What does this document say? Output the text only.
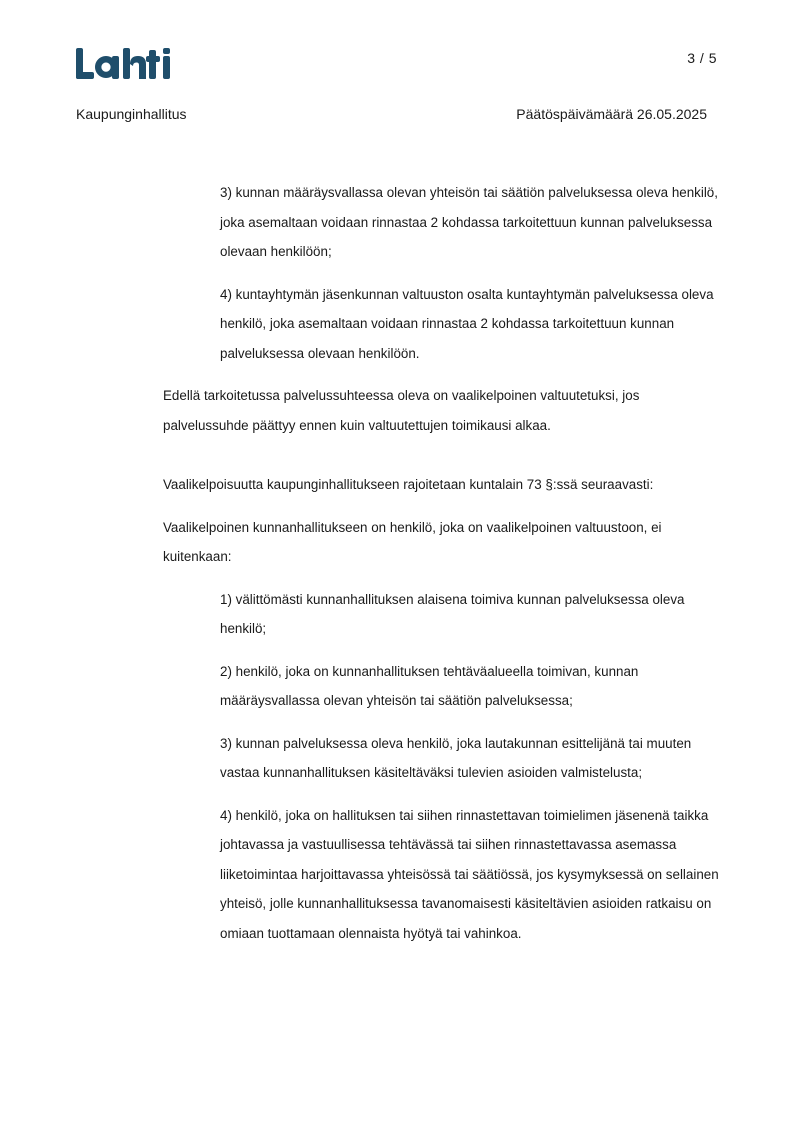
3 / 5
Kaupunginhallitus	Päätöspäivämäärä 26.05.2025

3) kunnan määräysvallassa olevan yhteisön tai säätiön palveluksessa oleva henkilö, joka asemaltaan voidaan rinnastaa 2 kohdassa tarkoitettuun kunnan palveluksessa olevaan henkilöön;

4) kuntayhtymän jäsenkunnan valtuuston osalta kuntayhtymän palveluksessa oleva henkilö, joka asemaltaan voidaan rinnastaa 2 kohdassa tarkoitettuun kunnan palveluksessa olevaan henkilöön.

Edellä tarkoitetussa palvelussuhteessa oleva on vaalikelpoinen valtuutetuksi, jos palvelussuhde päättyy ennen kuin valtuutettujen toimikausi alkaa.

Vaalikelpoisuutta kaupunginhallitukseen rajoitetaan kuntalain 73 §:ssä seuraavasti:

Vaalikelpoinen kunnanhallitukseen on henkilö, joka on vaalikelpoinen valtuustoon, ei kuitenkaan:

1) välittömästi kunnanhallituksen alaisena toimiva kunnan palveluksessa oleva henkilö;

2) henkilö, joka on kunnanhallituksen tehtäväalueella toimivan, kunnan määräysvallassa olevan yhteisön tai säätiön palveluksessa;

3) kunnan palveluksessa oleva henkilö, joka lautakunnan esittelijänä tai muuten vastaa kunnanhallituksen käsiteltäväksi tulevien asioiden valmistelusta;

4) henkilö, joka on hallituksen tai siihen rinnastettavan toimielimen jäsenenä taikka johtavassa ja vastuullisessa tehtävässä tai siihen rinnastettavassa asemassa liiketoimintaa harjoittavassa yhteisössä tai säätiössä, jos kysymyksessä on sellainen yhteisö, jolle kunnanhallituksessa tavanomaisesti käsiteltävien asioiden ratkaisu on omiaan tuottamaan olennaista hyötyä tai vahinkoa.
